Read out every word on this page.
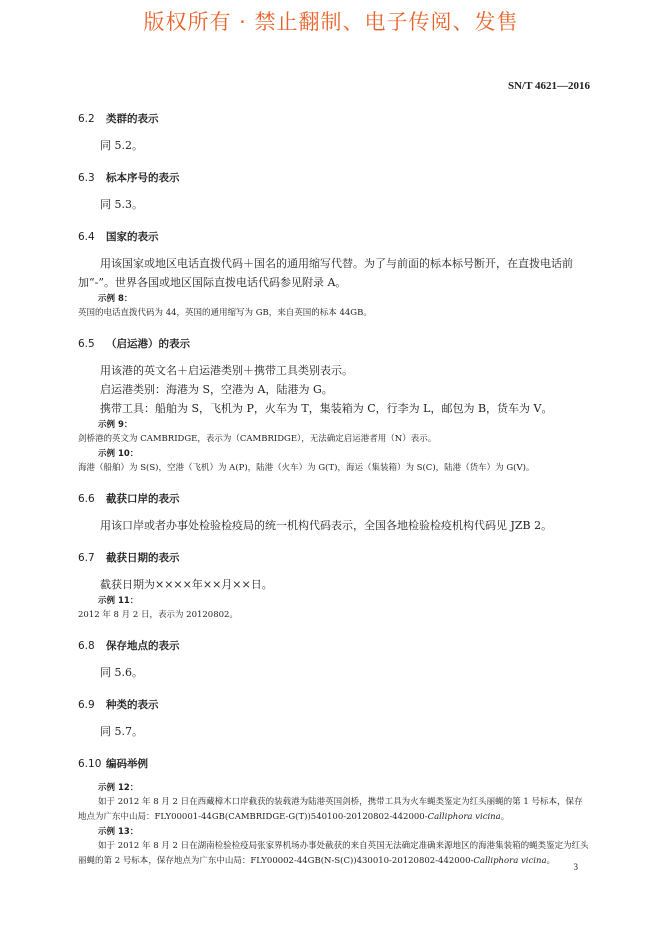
版权所有 · 禁止翻制、电子传阅、发售
SN/T 4621—2016
6.2 类群的表示

同 5.2。

6.3 标本序号的表示

同 5.3。

6.4 国家的表示

用该国家或地区电话直拨代码＋国名的通用缩写代替。为了与前面的标本标号断开，在直拨电话前加“-”。世界各国或地区国际直拨电话代码参见附录 A。

示例 8：

英国的电话直拨代码为 44，英国的通用缩写为 GB，来自英国的标本 44GB。

6.5 （启运港）的表示

用该港的英文名＋启运港类别＋携带工具类别表示。

启运港类别：海港为 S，空港为 A，陆港为 G。

携带工具：船舶为 S，飞机为 P，火车为 T，集装箱为 C，行李为 L，邮包为 B，货车为 V。

示例 9：

剑桥港的英文为 CAMBRIDGE，表示为（CAMBRIDGE），无法确定启运港者用（N）表示。

示例 10：

海港（船舶）为 S(S)，空港（飞机）为 A(P)，陆港（火车）为 G(T)，海运（集装箱）为 S(C)，陆港（货车）为 G(V)。

6.6 截获口岸的表示

用该口岸或者办事处检验检疫局的统一机构代码表示，全国各地检验检疫机构代码见 JZB 2。

6.7 截获日期的表示

截获日期为××××年××月××日。

示例 11：

2012 年 8 月 2 日，表示为 20120802。

6.8 保存地点的表示

同 5.6。

6.9 种类的表示

同 5.7。

6.10 编码举例

示例 12：

如于 2012 年 8 月 2 日在西藏樟木口岸截获的装载港为陆港英国剑桥，携带工具为火车蝇类鉴定为红头丽蝇的第 1 号标本，保存地点为广东中山局：FLY00001-44GB(CAMBRIDGE-G(T))540100-20120802-442000-Calliphora vicina。

示例 13：

如于 2012 年 8 月 2 日在湖南检验检疫局张家界机场办事处截获的来自英国无法确定准确来源地区的海港集装箱的蝇类鉴定为红头丽蝇的第 2 号标本，保存地点为广东中山局：FLY00002-44GB(N-S(C))430010-20120802-442000-Calliphora vicina。

3
